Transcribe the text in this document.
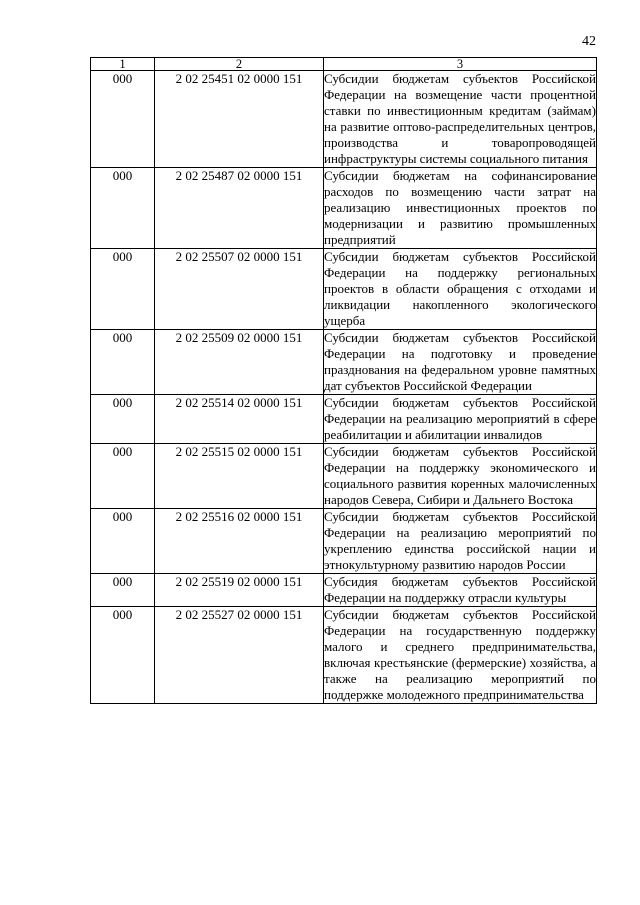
42
1	2	3
000	2 02 25451 02 0000 151	Субсидии бюджетам субъектов Российской Федерации на возмещение части процентной ставки по инвестиционным кредитам (займам) на развитие оптово-распределительных центров, производства и товаропроводящей инфраструктуры системы социального питания
000	2 02 25487 02 0000 151	Субсидии бюджетам на софинансирование расходов по возмещению части затрат на реализацию инвестиционных проектов по модернизации и развитию промышленных предприятий
000	2 02 25507 02 0000 151	Субсидии бюджетам субъектов Российской Федерации на поддержку региональных проектов в области обращения с отходами и ликвидации накопленного экологического ущерба
000	2 02 25509 02 0000 151	Субсидии бюджетам субъектов Российской Федерации на подготовку и проведение празднования на федеральном уровне памятных дат субъектов Российской Федерации
000	2 02 25514 02 0000 151	Субсидии бюджетам субъектов Российской Федерации на реализацию мероприятий в сфере реабилитации и абилитации инвалидов
000	2 02 25515 02 0000 151	Субсидии бюджетам субъектов Российской Федерации на поддержку экономического и социального развития коренных малочисленных народов Севера, Сибири и Дальнего Востока
000	2 02 25516 02 0000 151	Субсидии бюджетам субъектов Российской Федерации на реализацию мероприятий по укреплению единства российской нации и этнокультурному развитию народов России
000	2 02 25519 02 0000 151	Субсидия бюджетам субъектов Российской Федерации на поддержку отрасли культуры
000	2 02 25527 02 0000 151	Субсидии бюджетам субъектов Российской Федерации на государственную поддержку малого и среднего предпринимательства, включая крестьянские (фермерские) хозяйства, а также на реализацию мероприятий по поддержке молодежного предпринимательства
